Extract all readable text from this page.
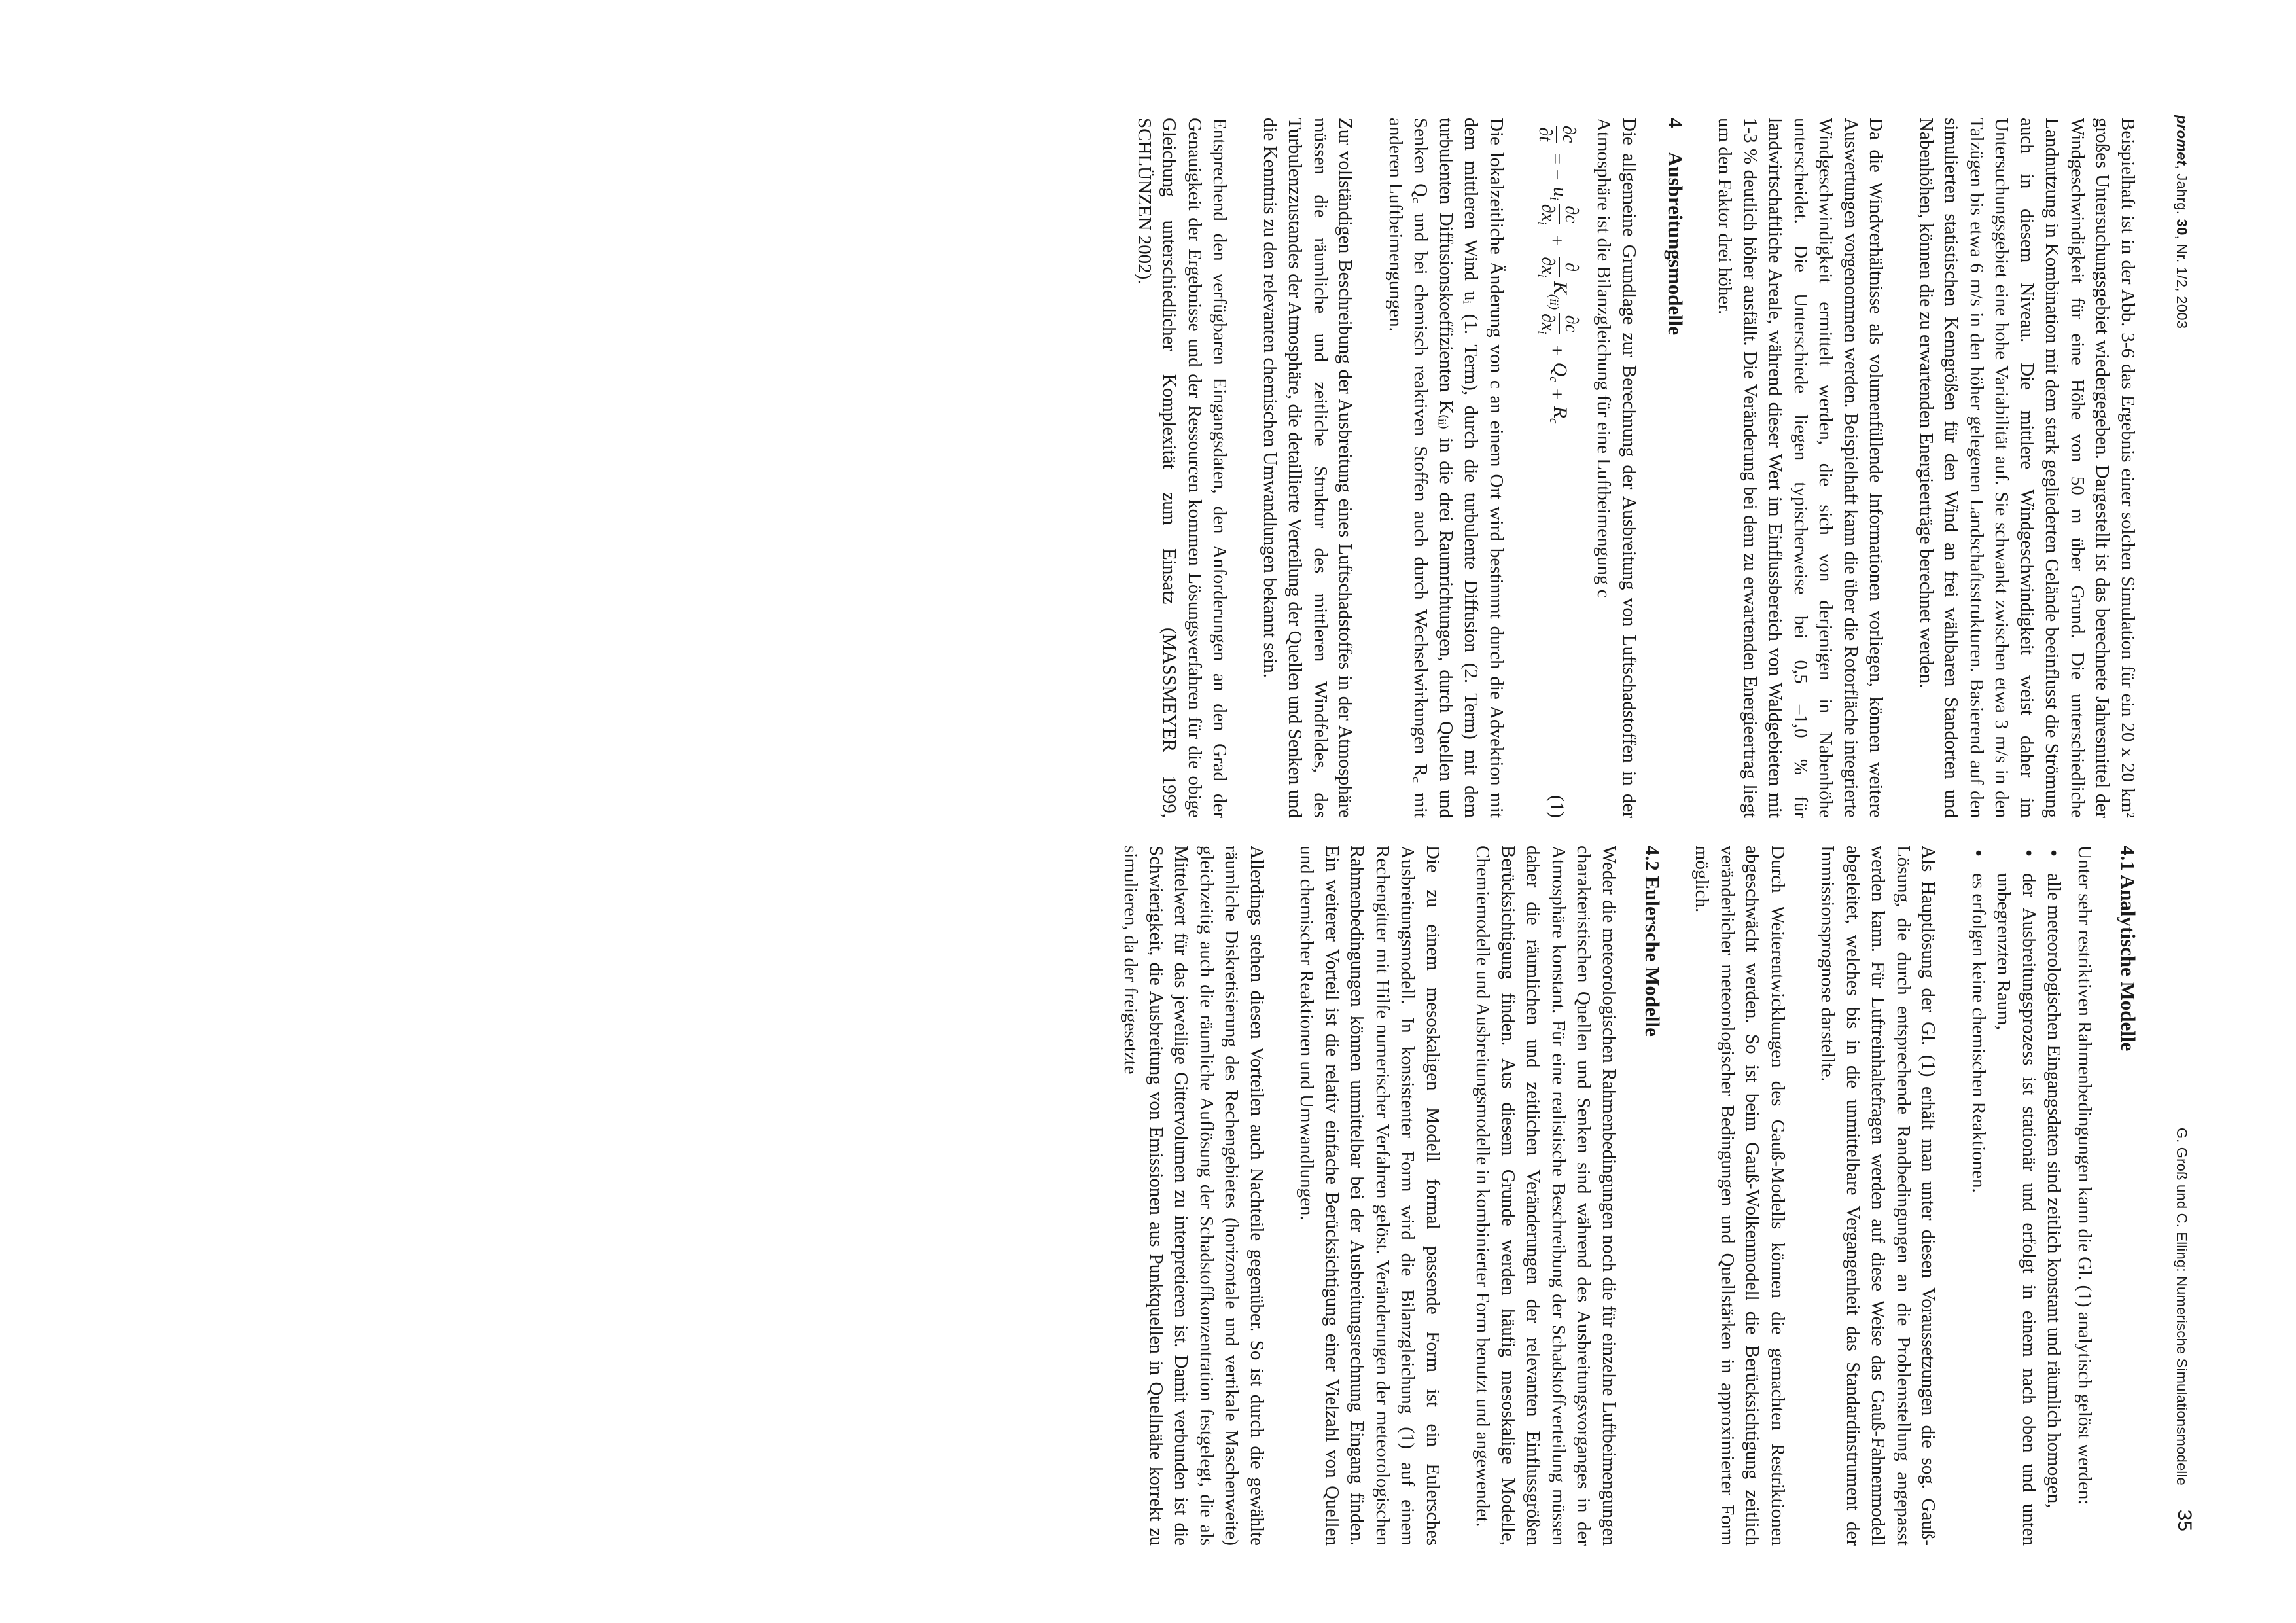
promet, Jahrg. 30, Nr. 1/2, 2003
G. Groß und C. Elling: Numerische Simulationsmodelle
35

Beispielhaft ist in der Abb. 3-6 das Ergebnis einer solchen Simulation für ein 20 x 20 km² großes Untersuchungsgebiet wiedergegeben. Dargestellt ist das berechnete Jahresmittel der Windgeschwindigkeit für eine Höhe von 50 m über Grund. Die unterschiedliche Landnutzung in Kombination mit dem stark gegliederten Gelände beeinflusst die Strömung auch in diesem Niveau. Die mittlere Windgeschwindigkeit weist daher im Untersuchungsgebiet eine hohe Variabilität auf. Sie schwankt zwischen etwa 3 m/s in den Talzügen bis etwa 6 m/s in den höher gelegenen Landschaftsstrukturen. Basierend auf den simulierten statistischen Kenngrößen für den Wind an frei wählbaren Standorten und Nabenhöhen, können die zu erwartenden Energieerträge berechnet werden.

Da die Windverhältnisse als volumenfüllende Informationen vorliegen, können weitere Auswertungen vorgenommen werden. Beispielhaft kann die über die Rotorfläche integrierte Windgeschwindigkeit ermittelt werden, die sich von derjenigen in Nabenhöhe unterscheidet. Die Unterschiede liegen typischerweise bei 0,5 –1,0 % für landwirtschaftliche Areale, während dieser Wert im Einflussbereich von Waldgebieten mit 1-3 % deutlich höher ausfällt. Die Veränderung bei dem zu erwartenden Energieertrag liegt um den Faktor drei höher.

4Ausbreitungsmodelle

Die allgemeine Grundlage zur Berechnung der Ausbreitung von Luftschadstoffen in der Atmosphäre ist die Bilanzgleichung für eine Luftbeimengung c

∂c
∂t
= −
$u_i$
∂c
$\partial x_i$
+
∂
$\partial x_i$
$K_{(ii)}$
∂c
$\partial x_i$
+
$Q_c$
+
$R_c$
(1)

Die lokalzeitliche Änderung von c an einem Ort wird bestimmt durch die Advektion mit dem mittleren Wind uᵢ (1. Term), durch die turbulente Diffusion (2. Term) mit dem turbulenten Diffusionskoeffizienten K₍ᵢᵢ₎ in die drei Raumrichtungen, durch Quellen und Senken Q꜀ und bei chemisch reaktiven Stoffen auch durch Wechselwirkungen R꜀ mit anderen Luftbeimengungen.

Zur vollständigen Beschreibung der Ausbreitung eines Luftschadstoffes in der Atmosphäre müssen die räumliche und zeitliche Struktur des mittleren Windfeldes, des Turbulenzzustandes der Atmosphäre, die detaillierte Verteilung der Quellen und Senken und die Kenntnis zu den relevanten chemischen Umwandlungen bekannt sein.

Entsprechend den verfügbaren Eingangsdaten, den Anforderungen an den Grad der Genauigkeit der Ergebnisse und der Ressourcen kommen Lösungsverfahren für die obige Gleichung unterschiedlicher Komplexität zum Einsatz (MASSMEYER 1999, SCHLÜNZEN 2002).

4.1 Analytische Modelle

Unter sehr restriktiven Rahmenbedingungen kann die Gl. (1) analytisch gelöst werden:

• alle meteorologischen Eingangsdaten sind zeitlich konstant und räumlich homogen,
• der Ausbreitungsprozess ist stationär und erfolgt in einem nach oben und unten unbegrenzten Raum,
• es erfolgen keine chemischen Reaktionen.

Als Hauptlösung der Gl. (1) erhält man unter diesen Voraussetzungen die sog. Gauß-Lösung, die durch entsprechende Randbedingungen an die Problemstellung angepasst werden kann. Für Luftreinhaltefragen werden auf diese Weise das Gauß-Fahnenmodell abgeleitet, welches bis in die unmittelbare Vergangenheit das Standardinstrument der Immissionsprognose darstellte.

Durch Weiterentwicklungen des Gauß-Modells können die gemachten Restriktionen abgeschwächt werden. So ist beim Gauß-Wolkenmodell die Berücksichtigung zeitlich veränderlicher meteorologischer Bedingungen und Quellstärken in approximierter Form möglich.

4.2 Eulersche Modelle

Weder die meteorologischen Rahmenbedingungen noch die für einzelne Luftbeimengungen charakteristischen Quellen und Senken sind während des Ausbreitungsvorganges in der Atmosphäre konstant. Für eine realistische Beschreibung der Schadstoffverteilung müssen daher die räumlichen und zeitlichen Veränderungen der relevanten Einflussgrößen Berücksichtigung finden. Aus diesem Grunde werden häufig mesoskalige Modelle, Chemiemodelle und Ausbreitungsmodelle in kombinierter Form benutzt und angewendet.

Die zu einem mesoskaligen Modell formal passende Form ist ein Eulersches Ausbreitungsmodell. In konsistenter Form wird die Bilanzgleichung (1) auf einem Rechengitter mit Hilfe numerischer Verfahren gelöst. Veränderungen der meteorologischen Rahmenbedingungen können unmittelbar bei der Ausbreitungsrechnung Eingang finden. Ein weiterer Vorteil ist die relativ einfache Berücksichtigung einer Vielzahl von Quellen und chemischer Reaktionen und Umwandlungen.

Allerdings stehen diesen Vorteilen auch Nachteile gegenüber. So ist durch die gewählte räumliche Diskretisierung des Rechengebietes (horizontale und vertikale Maschenweite) gleichzeitig auch die räumliche Auflösung der Schadstoffkonzentration festgelegt, die als Mittelwert für das jeweilige Gittervolumen zu interpretieren ist. Damit verbunden ist die Schwierigkeit, die Ausbreitung von Emissionen aus Punktquellen in Quellnähe korrekt zu simulieren, da der freigesetzte
